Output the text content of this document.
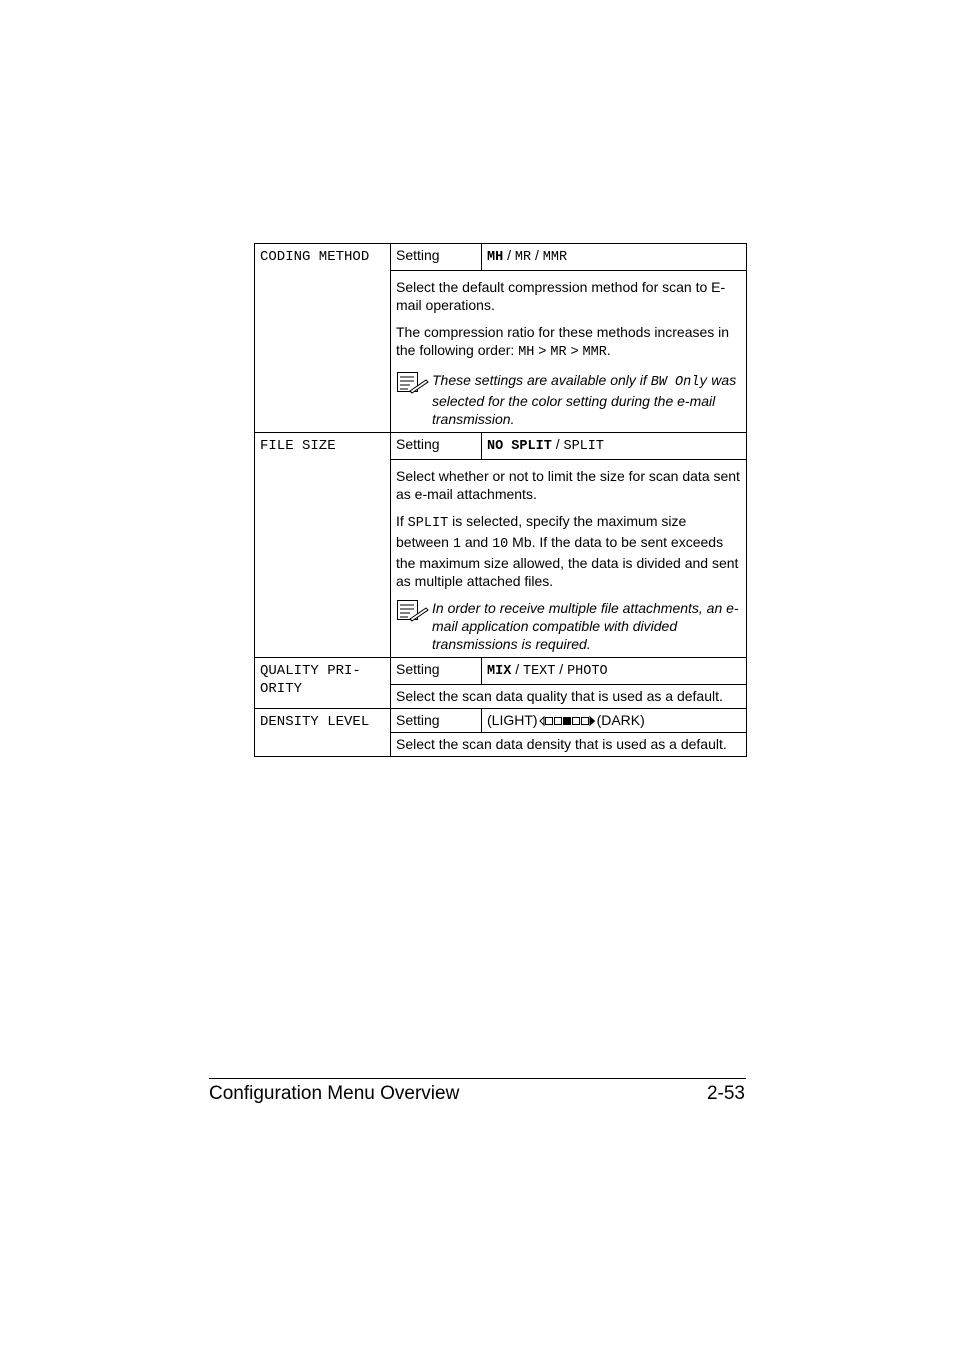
CODING METHOD	Setting	MH / MR / MMR

	Select the default compression method for scan to E-mail operations.

The compression ratio for these methods increases in the following order: MH > MR > MMR.

These settings are available only if BW Only was selected for the color setting during the e-mail transmission.	

FILE SIZE	Setting	NO SPLIT / SPLIT

	Select whether or not to limit the size for scan data sent as e-mail attachments.

If SPLIT is selected, specify the maximum size between 1 and 10 Mb. If the data to be sent exceeds the maximum size allowed, the data is divided and sent as multiple attached files.

In order to receive multiple file attachments, an e-mail application compatible with divided transmissions is required.	

QUALITY PRI-
ORITY	Setting	MIX / TEXT / PHOTO
	Select the scan data quality that is used as a default.	
DENSITY LEVEL	Setting	(LIGHT) (DARK)
	Select the scan data density that is used as a default.	
Configuration Menu Overview	2-53
